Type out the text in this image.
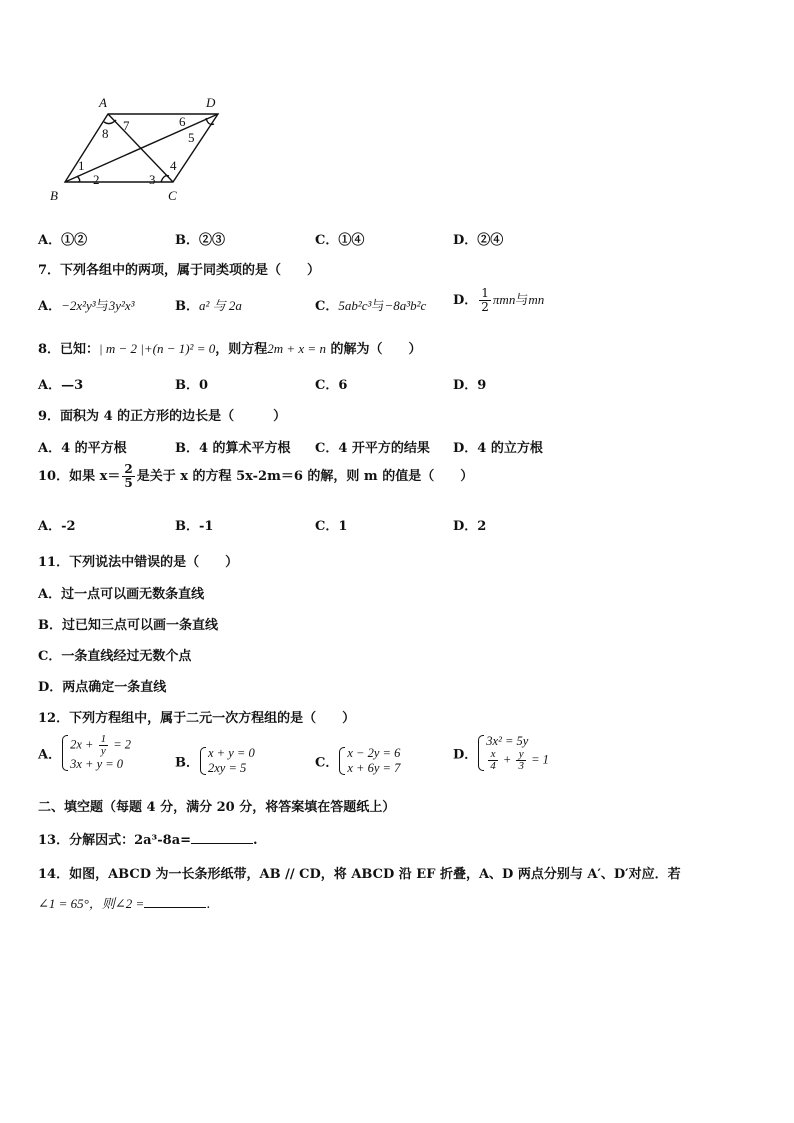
A	D
B	C
1
2	3
4
5
6
7
8
A．①②	B．②③	C．①④	D．②④
7．下列各组中的两项，属于同类项的是（　　）
A．−2x²y³与3y²x³	B．a² 与 2a	C．5ab²c³与−8a³b²c D． $\frac{1}{2}$ πmn与mn
8．已知：| m − 2 |+(n − 1)² = 0，则方程2m + x = n 的解为（　　）
A．—3	B．0	C．6	D．9
9．面积为 4 的正方形的边长是（　　　）
A．4 的平方根	B．4 的算术平方根 C．4 开平方的结果 D．4 的立方根
10．如果 $x= \frac{2}{5}$ 是关于 x 的方程 5x-2m＝6 的解，则 m 的值是（　　）
A．-2	B．-1	C．1	D．2
11．下列说法中错误的是（　　）
A．过一点可以画无数条直线
B．过已知三点可以画一条直线
C．一条直线经过无数个点
D．两点确定一条直线
12．下列方程组中，属于二元一次方程组的是（　　）
A．
$2x + \frac{1}{y} = 2$
3x + y = 0	B．
x + y = 0
2xy = 5	C．
x − 2y = 6
x + 6y = 7
D．
3x² = 5y
$\frac{x}{4} + \frac{y}{3} = 1$
二、填空题（每题 4 分，满分 20 分，将答案填在答题纸上）
13．分解因式：2a³-8a=	.
14．如图，ABCD 为一长条形纸带，AB // CD，将 ABCD 沿 EF 折叠，A、D 两点分别与 A′、D′对应．若
∠1 = 65°，则∠2 =	.
